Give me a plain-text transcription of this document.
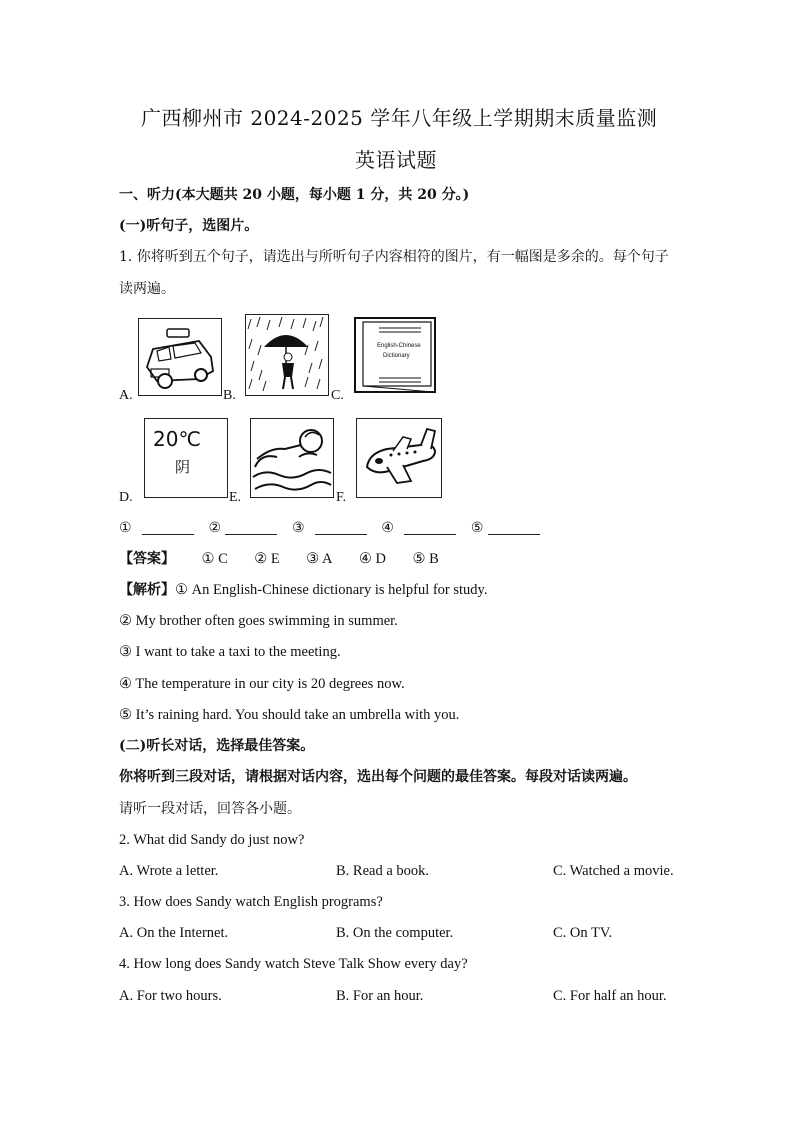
广西柳州市 2024-2025 学年八年级上学期期末质量监测
英语试题
一、听力(本大题共 20 小题，每小题 1 分，共 20 分。)
(一)听句子，选图片。
1. 你将听到五个句子，请选出与所听句子内容相符的图片，有一幅图是多余的。每个句子
读两遍。
A.	B.	C.
English-Chinese
Dictionary
D.
20℃
阴
E.	F.
①	②	③	④	⑤
【答案】 ① C ② E ③ A ④ D ⑤ B
【解析】① An English-Chinese dictionary is helpful for study.
② My brother often goes swimming in summer.
③ I want to take a taxi to the meeting.
④ The temperature in our city is 20 degrees now.
⑤ It’s raining hard. You should take an umbrella with you.
(二)听长对话，选择最佳答案。
你将听到三段对话，请根据对话内容，选出每个问题的最佳答案。每段对话读两遍。
请听一段对话，回答各小题。
2. What did Sandy do just now?
A. Wrote a letter.	B. Read a book.	C. Watched a movie.
3. How does Sandy watch English programs?
A. On the Internet.	B. On the computer.	C. On TV.
4. How long does Sandy watch Steve Talk Show every day?
A. For two hours.	B. For an hour.	C. For half an hour.
